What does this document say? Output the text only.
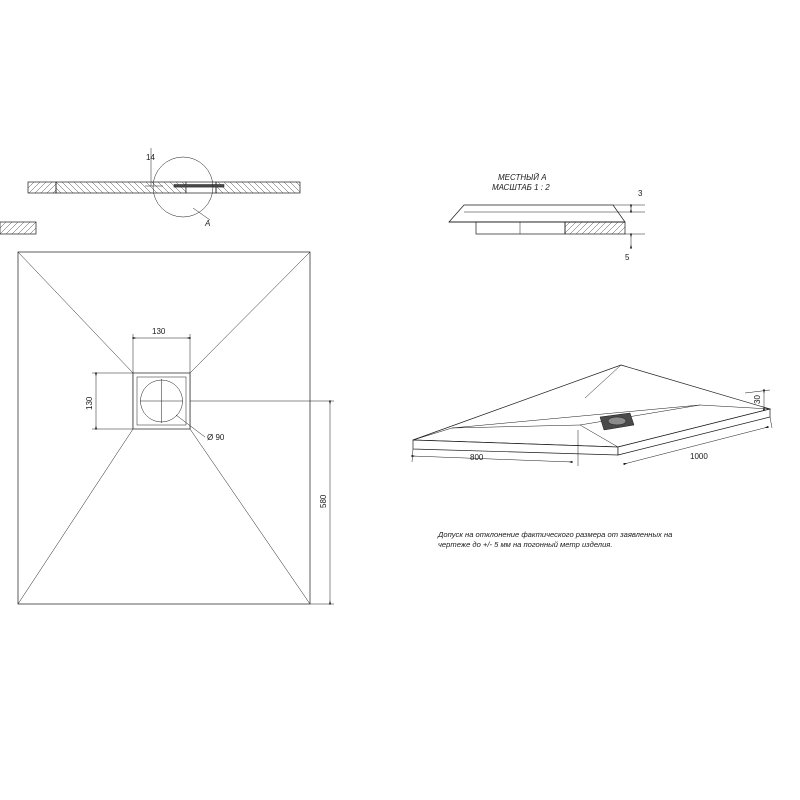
A
14
130
130
Ø 90
580
МЕСТНЫЙ A
МАСШТАБ 1 : 2
3
5
800	1000
30
Допуск на отклонение фактического размера от заявленных на
чертеже до +/- 5 мм на погонный метр изделия.
